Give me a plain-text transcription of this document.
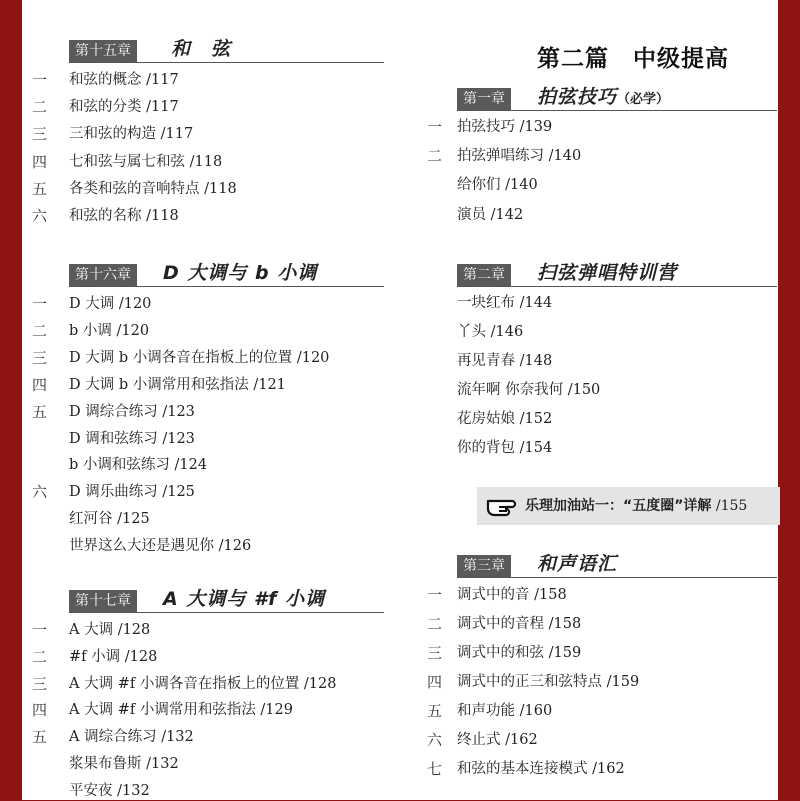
第十五章	和　弦
一	和弦的概念 /117
二	和弦的分类 /117
三	三和弦的构造 /117
四	七和弦与属七和弦 /118
五	各类和弦的音响特点 /118
六	和弦的名称 /118
第十六章	D 大调与 b 小调
一	D 大调 /120
二	b 小调 /120
三	D 大调 b 小调各音在指板上的位置 /120
四	D 大调 b 小调常用和弦指法 /121
五	D 调综合练习 /123
D 调和弦练习 /123
b 小调和弦练习 /124
六	D 调乐曲练习 /125
红河谷 /125
世界这么大还是遇见你 /126
第十七章	A 大调与 #f 小调
一	A 大调 /128
二	#f 小调 /128
三	A 大调 #f 小调各音在指板上的位置 /128
四	A 大调 #f 小调常用和弦指法 /129
五	A 调综合练习 /132
浆果布鲁斯 /132
平安夜 /132
第二篇　中级提高
第一章	拍弦技巧（必学）
一	拍弦技巧 /139
二	拍弦弹唱练习 /140
给你们 /140
演员 /142
第二章	扫弦弹唱特训营
一块红布 /144
丫头 /146
再见青春 /148
流年啊 你奈我何 /150
花房姑娘 /152
你的背包 /154
乐理加油站一：“五度圈”详解 /155
第三章	和声语汇
一	调式中的音 /158
二	调式中的音程 /158
三	调式中的和弦 /159
四	调式中的正三和弦特点 /159
五	和声功能 /160
六	终止式 /162
七	和弦的基本连接模式 /162
